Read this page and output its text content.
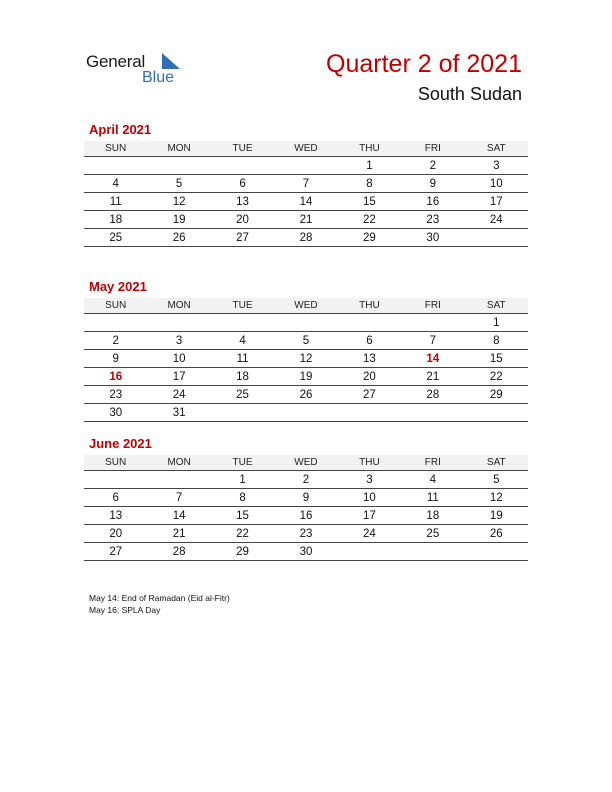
General
Blue	Quarter 2 of 2021
South Sudan
April 2021
SUN	MON	TUE	WED	THU	FRI	SAT
				1	2	3
4	5	6	7	8	9	10
11	12	13	14	15	16	17
18	19	20	21	22	23	24
25	26	27	28	29	30	
May 2021
SUN	MON	TUE	WED	THU	FRI	SAT
						1
2	3	4	5	6	7	8
9	10	11	12	13	14	15
16	17	18	19	20	21	22
23	24	25	26	27	28	29
30	31					
June 2021
SUN	MON	TUE	WED	THU	FRI	SAT
		1	2	3	4	5
6	7	8	9	10	11	12
13	14	15	16	17	18	19
20	21	22	23	24	25	26
27	28	29	30			
May 14: End of Ramadan (Eid al-Fitr)
May 16: SPLA Day
